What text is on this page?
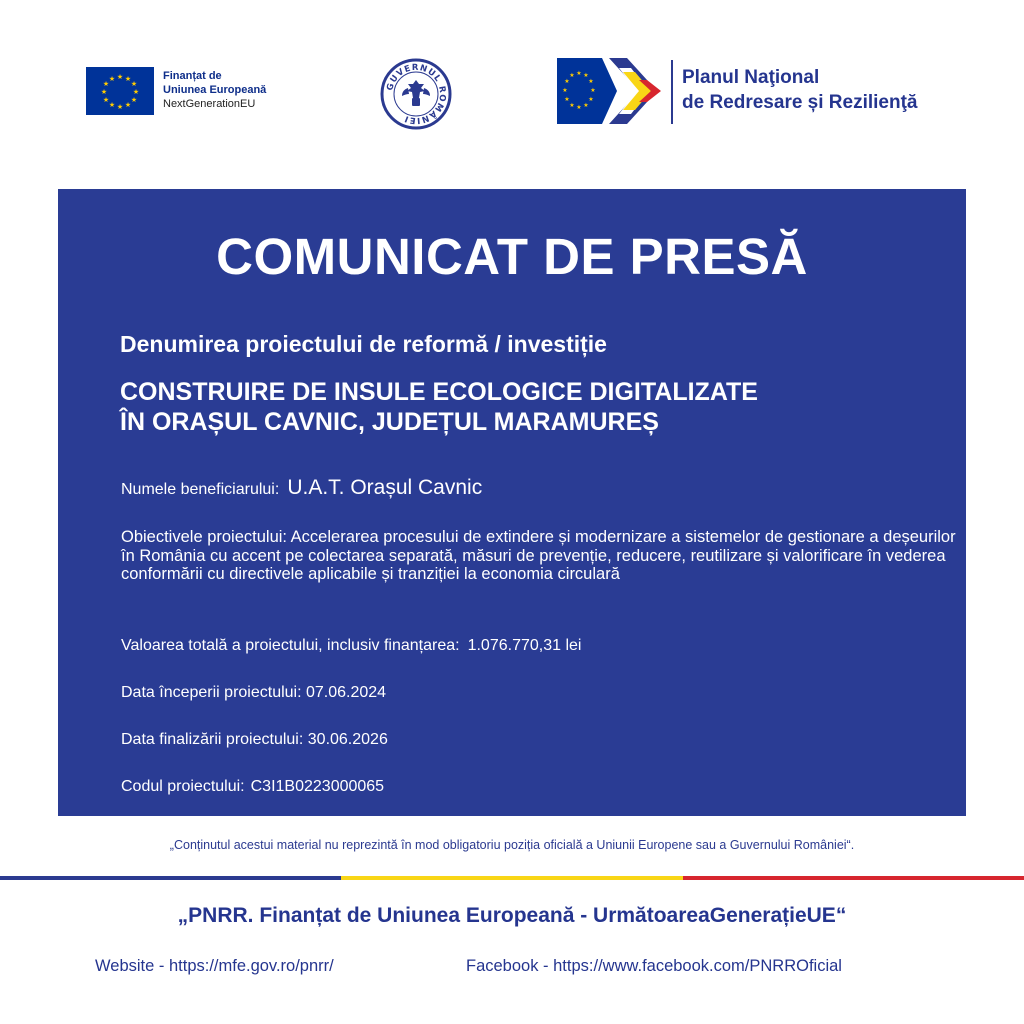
★ ★
★
★
★
★
★
★
★
★
★
★	Finanțat de
Uniunea Europeană
NextGenerationEU
GUVERNUL ROMÂNIEI
★ ★
★
★
★
★
★
★
★
★
★
★	Planul Naţional
de Redresare și Rezilienţă
COMUNICAT DE PRESĂ
Denumirea proiectului de reformă / investiție
CONSTRUIRE DE INSULE ECOLOGICE DIGITALIZATE
ÎN ORAȘUL CAVNIC, JUDEȚUL MARAMUREȘ
Numele beneficiarului: U.A.T. Orașul Cavnic
Obiectivele proiectului: Accelerarea procesului de extindere și modernizare a sistemelor de gestionare a deșeurilor în România cu accent pe colectarea separată, măsuri de prevenție, reducere, reutilizare și valorificare în vederea conformării cu directivele aplicabile și tranziției la economia circulară
Valoarea totală a proiectului, inclusiv finanțarea: 1.076.770,31 lei
Data începerii proiectului: 07.06.2024
Data finalizării proiectului: 30.06.2026
Codul proiectului: C3I1B0223000065
„Conținutul acestui material nu reprezintă în mod obligatoriu poziția oficială a Uniunii Europene sau a Guvernului României“.
„PNRR. Finanțat de Uniunea Europeană - UrmătoareaGenerațieUE“
Website - https://mfe.gov.ro/pnrr/	Facebook - https://www.facebook.com/PNRROficial
